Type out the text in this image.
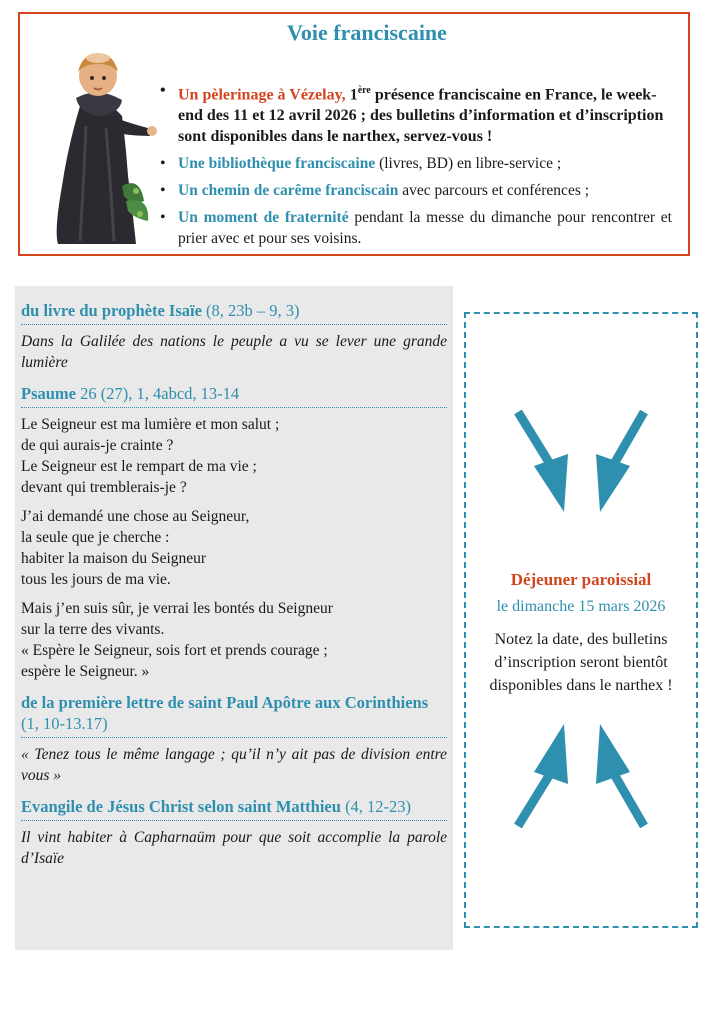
Voie franciscaine
• Un pèlerinage à Vézelay, 1ère présence franciscaine en France, le week-end des 11 et 12 avril 2026 ; des bulletins d’information et d’inscription sont disponibles dans le narthex, servez-vous !
• Une bibliothèque franciscaine (livres, BD) en libre-service ;
• Un chemin de carême franciscain avec parcours et conférences ;
• Un moment de fraternité pendant la messe du dimanche pour rencontrer et prier avec et pour ses voisins.
du livre du prophète Isaïe (8, 23b – 9, 3)
Dans la Galilée des nations le peuple a vu se lever une grande lumière
Psaume 26 (27), 1, 4abcd, 13-14
Le Seigneur est ma lumière et mon salut ;
de qui aurais-je crainte ?
Le Seigneur est le rempart de ma vie ;
devant qui tremblerais-je ?
J’ai demandé une chose au Seigneur,
la seule que je cherche :
habiter la maison du Seigneur
tous les jours de ma vie.
Mais j’en suis sûr, je verrai les bontés du Seigneur
sur la terre des vivants.
« Espère le Seigneur, sois fort et prends courage ;
espère le Seigneur. »
de la première lettre de saint Paul Apôtre aux Corinthiens (1, 10-13.17)
« Tenez tous le même langage ; qu’il n’y ait pas de division entre vous »
Evangile de Jésus Christ selon saint Matthieu (4, 12-23)
Il vint habiter à Capharnaüm pour que soit accomplie la parole d’Isaïe
Déjeuner paroissial
le dimanche 15 mars 2026
Notez la date, des bulletins d’inscription seront bientôt disponibles dans le narthex !
